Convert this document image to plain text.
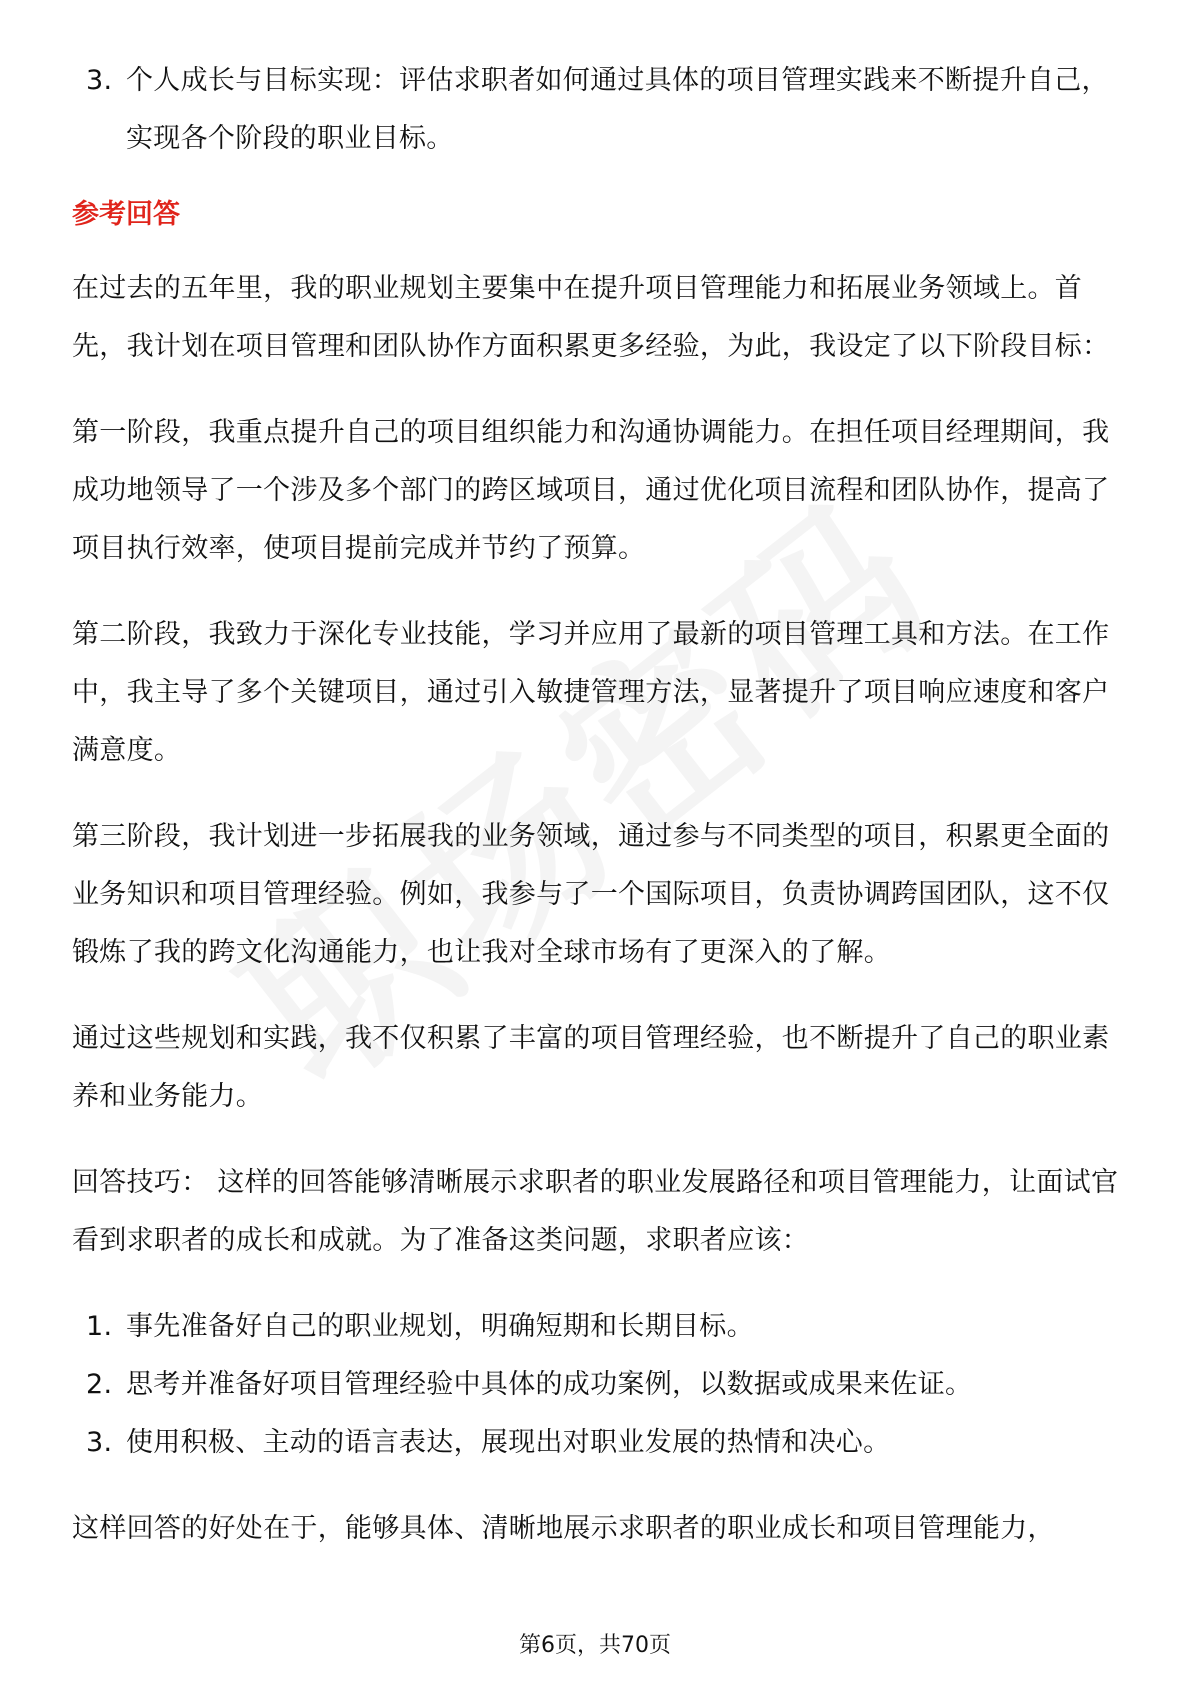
3. 个人成长与目标实现：评估求职者如何通过具体的项目管理实践来不断提升自己，实现各个阶段的职业目标。
参考回答

在过去的五年里，我的职业规划主要集中在提升项目管理能力和拓展业务领域上。首先，我计划在项目管理和团队协作方面积累更多经验，为此，我设定了以下阶段目标：

第一阶段，我重点提升自己的项目组织能力和沟通协调能力。在担任项目经理期间，我成功地领导了一个涉及多个部门的跨区域项目，通过优化项目流程和团队协作，提高了项目执行效率，使项目提前完成并节约了预算。

第二阶段，我致力于深化专业技能，学习并应用了最新的项目管理工具和方法。在工作中，我主导了多个关键项目，通过引入敏捷管理方法，显著提升了项目响应速度和客户满意度。

第三阶段，我计划进一步拓展我的业务领域，通过参与不同类型的项目，积累更全面的业务知识和项目管理经验。例如，我参与了一个国际项目，负责协调跨国团队，这不仅锻炼了我的跨文化沟通能力，也让我对全球市场有了更深入的了解。

通过这些规划和实践，我不仅积累了丰富的项目管理经验，也不断提升了自己的职业素养和业务能力。

回答技巧： 这样的回答能够清晰展示求职者的职业发展路径和项目管理能力，让面试官看到求职者的成长和成就。为了准备这类问题，求职者应该：

1. 事先准备好自己的职业规划，明确短期和长期目标。
2. 思考并准备好项目管理经验中具体的成功案例，以数据或成果来佐证。
3. 使用积极、主动的语言表达，展现出对职业发展的热情和决心。

这样回答的好处在于，能够具体、清晰地展示求职者的职业成长和项目管理能力，

第6页，共70页
